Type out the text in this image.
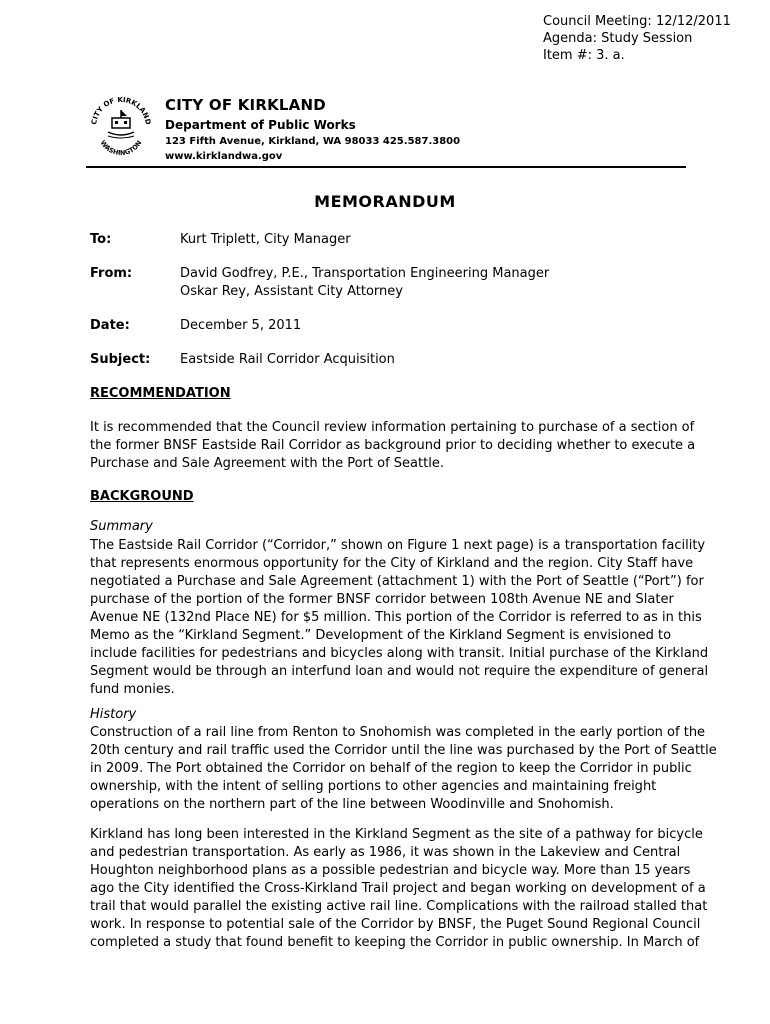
Council Meeting: 12/12/2011
Agenda: Study Session
Item #: 3. a.
CITY OF KIRKLAND
WASHINGTON
CITY OF KIRKLAND
Department of Public Works
123 Fifth Avenue, Kirkland, WA 98033 425.587.3800
www.kirklandwa.gov
MEMORANDUM
To:	Kurt Triplett, City Manager
From:	David Godfrey, P.E., Transportation Engineering Manager
Oskar Rey, Assistant City Attorney
Date:	December 5, 2011
Subject: Eastside Rail Corridor Acquisition
RECOMMENDATION
It is recommended that the Council review information pertaining to purchase of a section of
the former BNSF Eastside Rail Corridor as background prior to deciding whether to execute a
Purchase and Sale Agreement with the Port of Seattle.
BACKGROUND
Summary
The Eastside Rail Corridor (“Corridor,” shown on Figure 1 next page) is a transportation facility
that represents enormous opportunity for the City of Kirkland and the region. City Staff have
negotiated a Purchase and Sale Agreement (attachment 1) with the Port of Seattle (“Port”) for
purchase of the portion of the former BNSF corridor between 108th Avenue NE and Slater
Avenue NE (132nd Place NE) for $5 million. This portion of the Corridor is referred to as in this
Memo as the “Kirkland Segment.” Development of the Kirkland Segment is envisioned to
include facilities for pedestrians and bicycles along with transit. Initial purchase of the Kirkland
Segment would be through an interfund loan and would not require the expenditure of general
fund monies.
History
Construction of a rail line from Renton to Snohomish was completed in the early portion of the
20th century and rail traffic used the Corridor until the line was purchased by the Port of Seattle
in 2009. The Port obtained the Corridor on behalf of the region to keep the Corridor in public
ownership, with the intent of selling portions to other agencies and maintaining freight
operations on the northern part of the line between Woodinville and Snohomish.
Kirkland has long been interested in the Kirkland Segment as the site of a pathway for bicycle
and pedestrian transportation. As early as 1986, it was shown in the Lakeview and Central
Houghton neighborhood plans as a possible pedestrian and bicycle way. More than 15 years
ago the City identified the Cross-Kirkland Trail project and began working on development of a
trail that would parallel the existing active rail line. Complications with the railroad stalled that
work. In response to potential sale of the Corridor by BNSF, the Puget Sound Regional Council
completed a study that found benefit to keeping the Corridor in public ownership. In March of
